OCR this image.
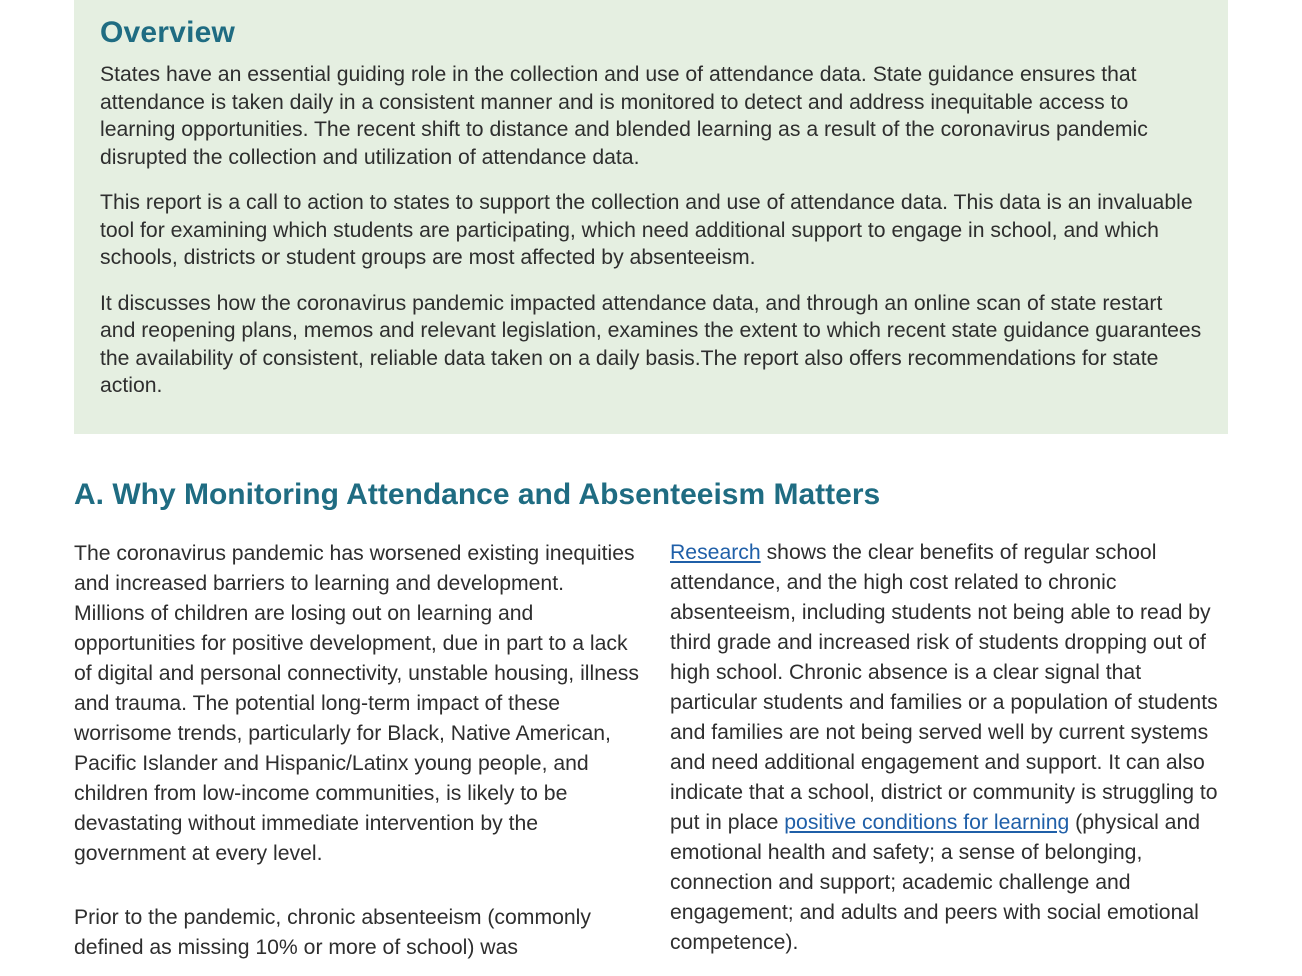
Overview

States have an essential guiding role in the collection and use of attendance data. State guidance ensures that attendance is taken daily in a consistent manner and is monitored to detect and address inequitable access to learning opportunities. The recent shift to distance and blended learning as a result of the coronavirus pandemic disrupted the collection and utilization of attendance data.

This report is a call to action to states to support the collection and use of attendance data. This data is an invaluable tool for examining which students are participating, which need additional support to engage in school, and which schools, districts or student groups are most affected by absenteeism.

It discusses how the coronavirus pandemic impacted attendance data, and through an online scan of state restart and reopening plans, memos and relevant legislation, examines the extent to which recent state guidance guarantees the availability of consistent, reliable data taken on a daily basis.The report also offers recommendations for state action.

A. Why Monitoring Attendance and Absenteeism Matters

The coronavirus pandemic has worsened existing inequities and increased barriers to learning and development. Millions of children are losing out on learning and opportunities for positive development, due in part to a lack of digital and personal connectivity, unstable housing, illness and trauma. The potential long-term impact of these worrisome trends, particularly for Black, Native American, Pacific Islander and Hispanic/Latinx young people, and children from low-income communities, is likely to be devastating without immediate intervention by the government at every level.

Prior to the pandemic, chronic absenteeism (commonly defined as missing 10% or more of school) was

Research shows the clear benefits of regular school attendance, and the high cost related to chronic absenteeism, including students not being able to read by third grade and increased risk of students dropping out of high school. Chronic absence is a clear signal that particular students and families or a population of students and families are not being served well by current systems and need additional engagement and support. It can also indicate that a school, district or community is struggling to put in place positive conditions for learning (physical and emotional health and safety; a sense of belonging, connection and support; academic challenge and engagement; and adults and peers with social emotional competence).
